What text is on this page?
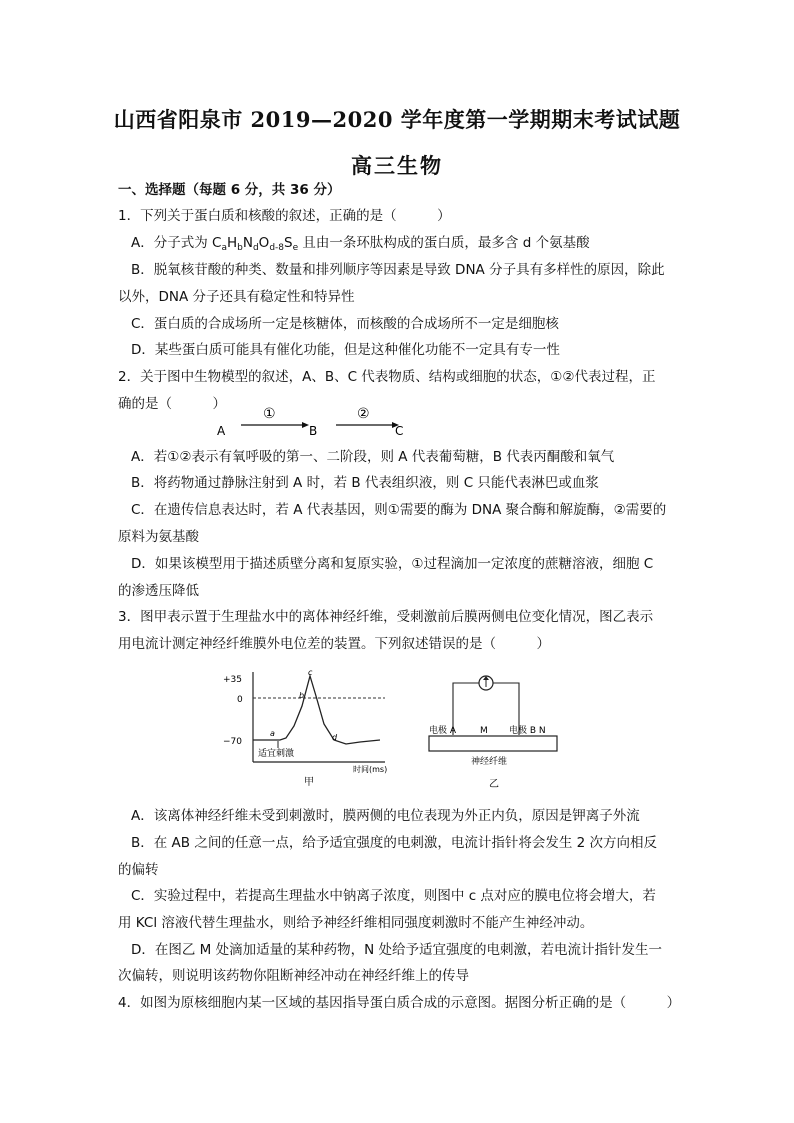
山西省阳泉市 2019—2020 学年度第一学期期末考试试题
高三生物
一、选择题（每题 6 分，共 36 分）
1．下列关于蛋白质和核酸的叙述，正确的是（　　　）
A．分子式为 $C_aH_bN_dO_{d-8}S_e$ 且由一条环肽构成的蛋白质，最多含 d 个氨基酸
B．脱氧核苷酸的种类、数量和排列顺序等因素是导致 DNA 分子具有多样性的原因，除此
以外，DNA 分子还具有稳定性和特异性
C．蛋白质的合成场所一定是核糖体，而核酸的合成场所不一定是细胞核
D．某些蛋白质可能具有催化功能，但是这种催化功能不一定具有专一性
2．关于图中生物模型的叙述，A、B、C 代表物质、结构或细胞的状态，①②代表过程，正
确的是（　　　）
①	②
A	B	C
A．若①②表示有氧呼吸的第一、二阶段，则 A 代表葡萄糖，B 代表丙酮酸和氧气
B．将药物通过静脉注射到 A 时，若 B 代表组织液，则 C 只能代表淋巴或血浆
C．在遗传信息表达时，若 A 代表基因，则①需要的酶为 DNA 聚合酶和解旋酶，②需要的
原料为氨基酸
D．如果该模型用于描述质壁分离和复原实验，①过程滴加一定浓度的蔗糖溶液，细胞 C
的渗透压降低
3．图甲表示置于生理盐水中的离体神经纤维，受刺激前后膜两侧电位变化情况，图乙表示
用电流计测定神经纤维膜外电位差的装置。下列叙述错误的是（　　　）
+35
0
−70
a
b
c
d
适宜刺激
时间(ms)
甲
电极 A	M 电极 B N
神经纤维
乙
A．该离体神经纤维未受到刺激时，膜两侧的电位表现为外正内负，原因是钾离子外流
B．在 AB 之间的任意一点，给予适宜强度的电刺激，电流计指针将会发生 2 次方向相反
的偏转
C．实验过程中，若提高生理盐水中钠离子浓度，则图中 c 点对应的膜电位将会增大，若
用 KCl 溶液代替生理盐水，则给予神经纤维相同强度刺激时不能产生神经冲动。
D．在图乙 M 处滴加适量的某种药物，N 处给予适宜强度的电刺激，若电流计指针发生一
次偏转，则说明该药物你阻断神经冲动在神经纤维上的传导
4．如图为原核细胞内某一区域的基因指导蛋白质合成的示意图。据图分析正确的是（　　　）
